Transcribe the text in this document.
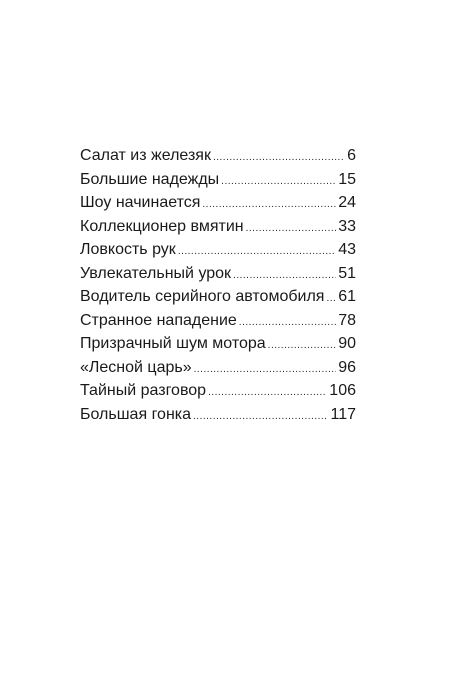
Салат из железяк .....	6
Большие надежды .....	15
Шоу начинается .....	24
Коллекционер вмятин .....	33
Ловкость рук .....	43
Увлекательный урок .....	51
Водитель серийного автомобиля ..... 61
Странное нападение .....	78
Призрачный шум мотора .....	90
«Лесной царь» .....	96
Тайный разговор .....	106
Большая гонка .....	117
